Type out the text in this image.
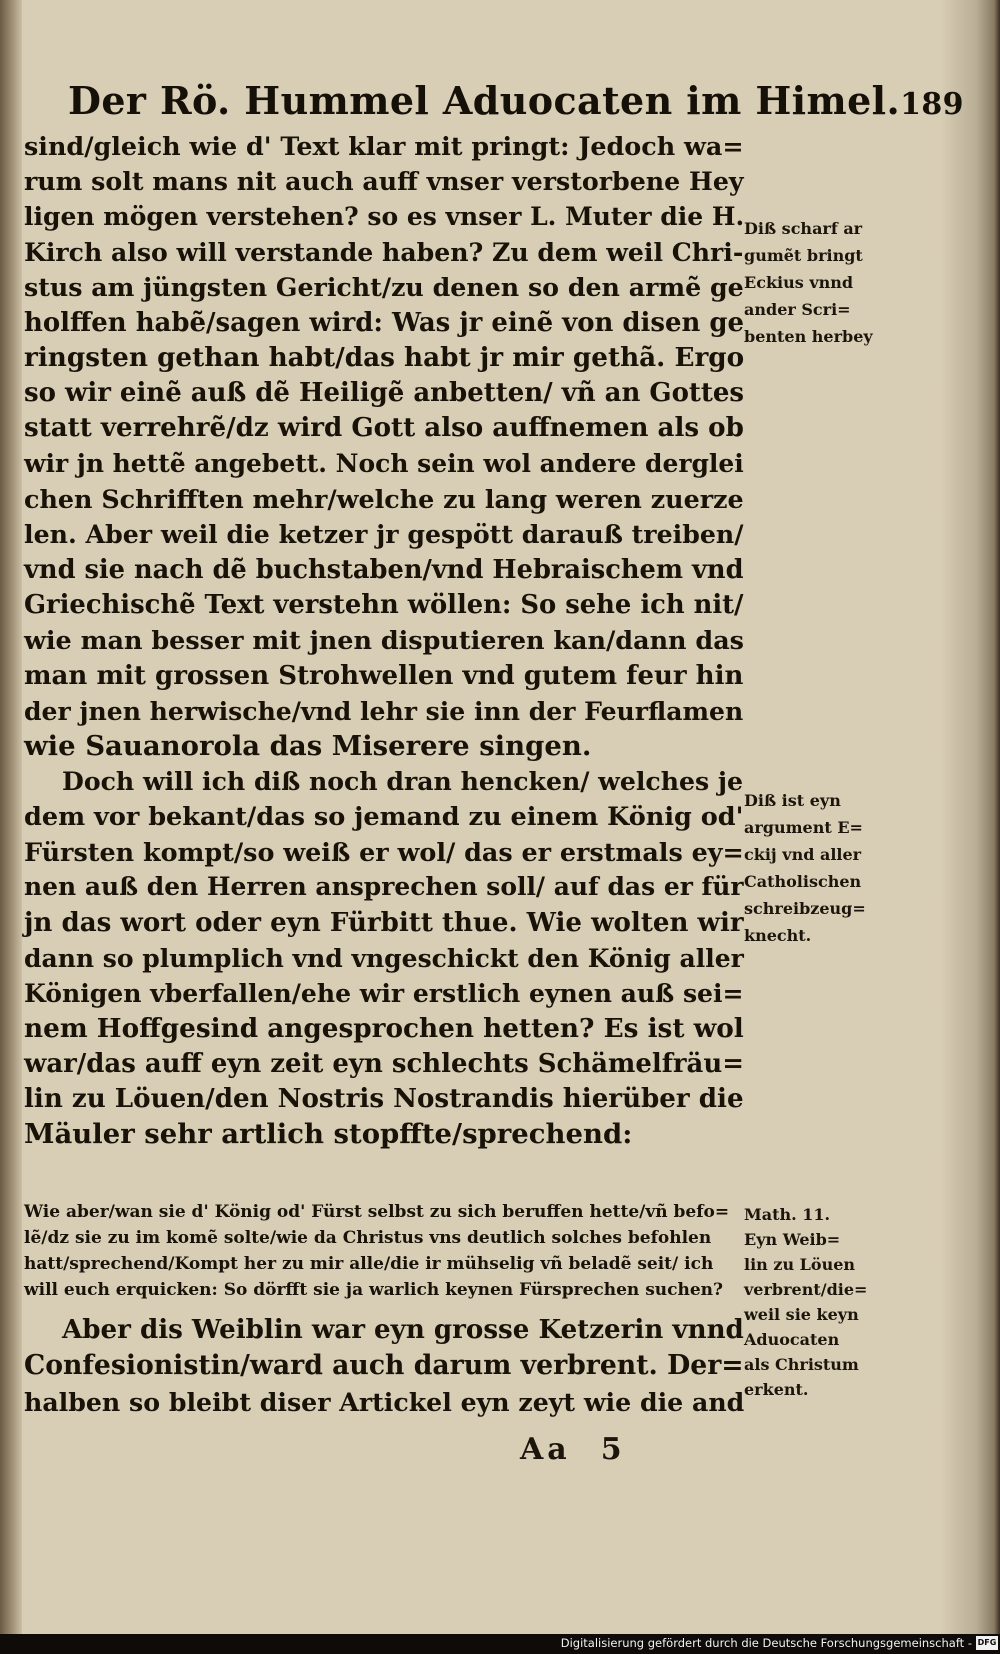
Der Rö. Hummel Aduocaten im Himel. 189
sind/gleich wie d' Text klar mit pringt: Jedoch wa=
rum solt mans nit auch auff vnser verstorbene Hey
ligen mögen verstehen? so es vnser L. Muter die H.
Kirch also will verstande haben? Zu dem weil Chri-
stus am jüngsten Gericht/zu denen so den armẽ ge
holffen habẽ/sagen wird: Was jr einẽ von disen ge
ringsten gethan habt/das habt jr mir gethã. Ergo
so wir einẽ auß dẽ Heiligẽ anbetten/ vñ an Gottes
statt verrehrẽ/dz wird Gott also auffnemen als ob
wir jn hettẽ angebett. Noch sein wol andere derglei
chen Schrifften mehr/welche zu lang weren zuerze
len. Aber weil die ketzer jr gespött darauß treiben/
vnd sie nach dẽ buchstaben/vnd Hebraischem vnd
Griechischẽ Text verstehn wöllen: So sehe ich nit/
wie man besser mit jnen disputieren kan/dann das
man mit grossen Strohwellen vnd gutem feur hin
der jnen herwische/vnd lehr sie inn der Feurflamen
wie Sauanorola das Miserere singen.
Doch will ich diß noch dran hencken/ welches je
dem vor bekant/das so jemand zu einem König od'
Fürsten kompt/so weiß er wol/ das er erstmals ey=
nen auß den Herren ansprechen soll/ auf das er für
jn das wort oder eyn Fürbitt thue. Wie wolten wir
dann so plumplich vnd vngeschickt den König aller
Königen vberfallen/ehe wir erstlich eynen auß sei=
nem Hoffgesind angesprochen hetten? Es ist wol
war/das auff eyn zeit eyn schlechts Schämelfräu=
lin zu Löuen/den Nostris Nostrandis hierüber die
Mäuler sehr artlich stopffte/sprechend:
Wie aber/wan sie d' König od' Fürst selbst zu sich beruffen hette/vñ befo=
lẽ/dz sie zu im komẽ solte/wie da Christus vns deutlich solches befohlen
hatt/sprechend/Kompt her zu mir alle/die ir mühselig vñ beladẽ seit/ ich
will euch erquicken: So dörfft sie ja warlich keynen Fürsprechen suchen?
Aber dis Weiblin war eyn grosse Ketzerin vnnd
Confesionistin/ward auch darum verbrent. Der=
halben so bleibt diser Artickel eyn zeyt wie die and
Diß scharf ar
gumẽt bringt
Eckius vnnd
ander Scri=
benten herbey
Diß ist eyn
argument E=
ckij vnd aller
Catholischen
schreibzeug=
knecht.
Math. 11.
Eyn Weib=
lin zu Löuen
verbrent/die=
weil sie keyn
Aduocaten
als Christum
erkent.
Aa 5
Digitalisierung gefördert durch die Deutsche Forschungsgemeinschaft - DFG
